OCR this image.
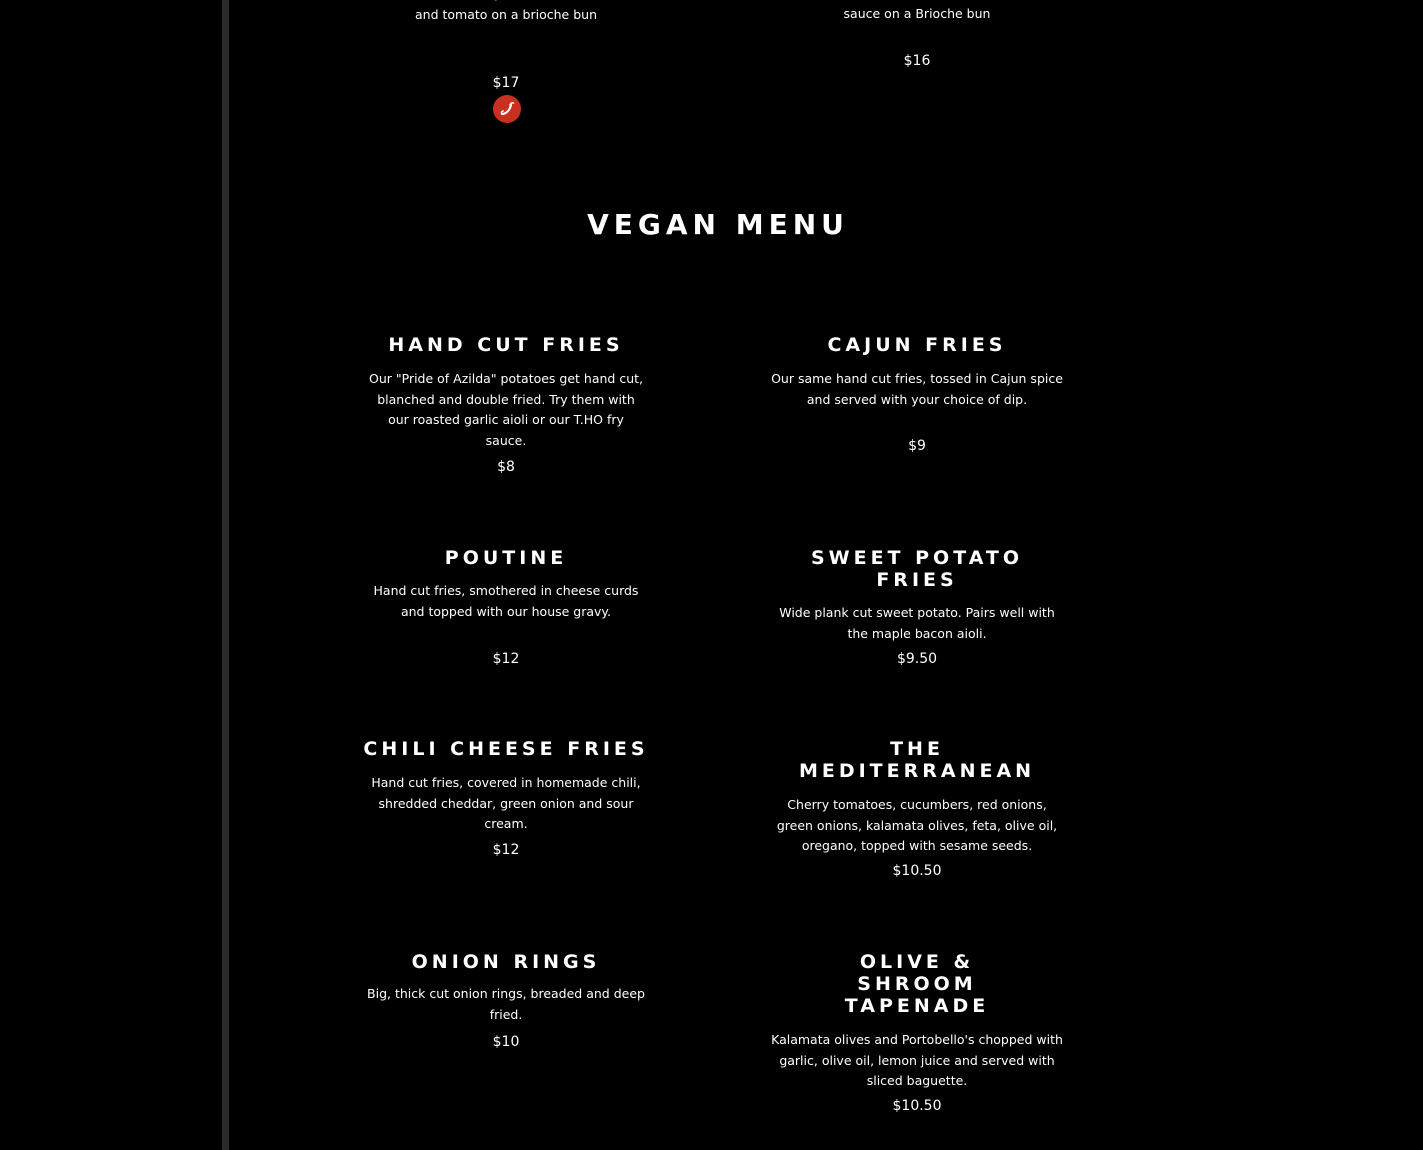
and tomato on a brioche bun

$17

sauce on a Brioche bun

$16
VEGAN MENU
HAND CUT FRIES

Our "Pride of Azilda" potatoes get hand cut, blanched and double fried. Try them with our roasted garlic aioli or our T.HO fry sauce.

$8
CAJUN FRIES

Our same hand cut fries, tossed in Cajun spice and served with your choice of dip.

$9
POUTINE

Hand cut fries, smothered in cheese curds and topped with our house gravy.

$12
SWEET POTATO FRIES

Wide plank cut sweet potato. Pairs well with the maple bacon aioli.

$9.50
CHILI CHEESE FRIES

Hand cut fries, covered in homemade chili, shredded cheddar, green onion and sour cream.

$12
THE MEDITERRANEAN

Cherry tomatoes, cucumbers, red onions, green onions, kalamata olives, feta, olive oil, oregano, topped with sesame seeds.

$10.50
ONION RINGS

Big, thick cut onion rings, breaded and deep fried.

$10
OLIVE & SHROOM TAPENADE

Kalamata olives and Portobello's chopped with garlic, olive oil, lemon juice and served with sliced baguette.

$10.50
